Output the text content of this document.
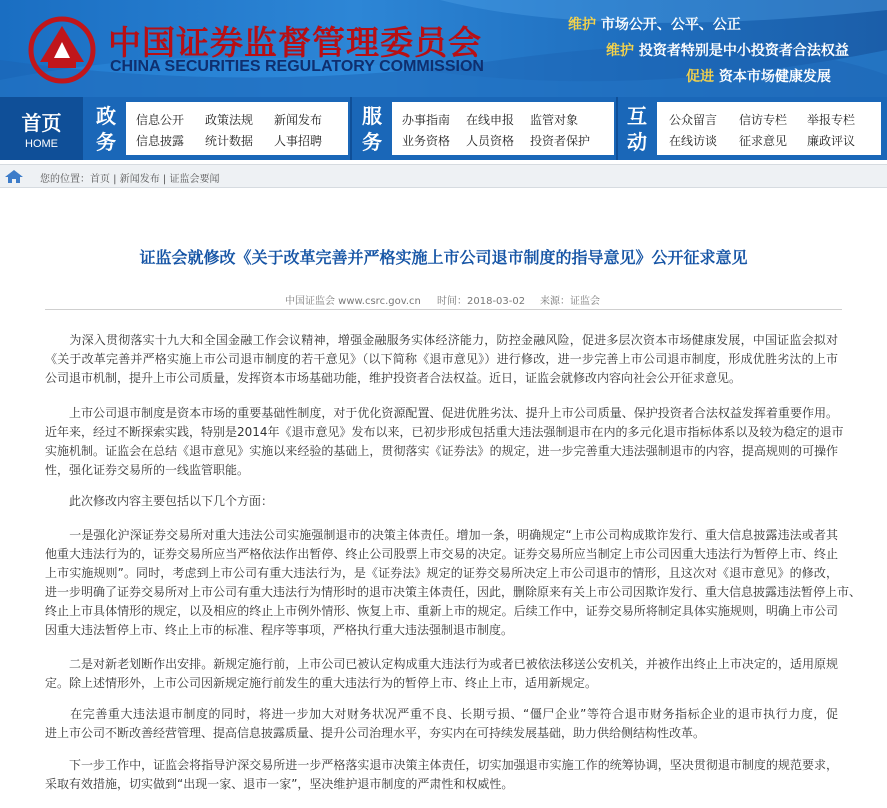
中国证券监督管理委员会
CHINA SECURITIES REGULATORY COMMISSION
维护 市场公开、公平、公正
维护 投资者特别是中小投资者合法权益
促进 资本市场健康发展
首页
HOME
政
务
信息公开 政策法规 新闻发布
信息披露 统计数据 人事招聘
服
务
办事指南 在线申报 监管对象
业务资格 人员资格 投资者保护
互
动
公众留言 信访专栏 举报专栏
在线访谈 征求意见 廉政评议
您的位置：首页 | 新闻发布 | 证监会要闻
证监会就修改《关于改革完善并严格实施上市公司退市制度的指导意见》公开征求意见
中国证监会 www.csrc.gov.cn 时间：2018-03-02 来源：证监会
　　为深入贯彻落实十九大和全国金融工作会议精神，增强金融服务实体经济能力，防控金融风险，促进多层次资本市场健康发展，中国证监会拟对
《关于改革完善并严格实施上市公司退市制度的若干意见》（以下简称《退市意见》）进行修改，进一步完善上市公司退市制度，形成优胜劣汰的上市
公司退市机制，提升上市公司质量，发挥资本市场基础功能，维护投资者合法权益。近日，证监会就修改内容向社会公开征求意见。
　　上市公司退市制度是资本市场的重要基础性制度，对于优化资源配置、促进优胜劣汰、提升上市公司质量、保护投资者合法权益发挥着重要作用。
近年来，经过不断探索实践，特别是2014年《退市意见》发布以来，已初步形成包括重大违法强制退市在内的多元化退市指标体系以及较为稳定的退市
实施机制。证监会在总结《退市意见》实施以来经验的基础上，贯彻落实《证券法》的规定，进一步完善重大违法强制退市的内容，提高规则的可操作
性，强化证券交易所的一线监管职能。
　　此次修改内容主要包括以下几个方面：
　　一是强化沪深证券交易所对重大违法公司实施强制退市的决策主体责任。增加一条，明确规定“上市公司构成欺诈发行、重大信息披露违法或者其
他重大违法行为的，证券交易所应当严格依法作出暂停、终止公司股票上市交易的决定。证券交易所应当制定上市公司因重大违法行为暂停上市、终止
上市实施规则”。同时，考虑到上市公司有重大违法行为，是《证券法》规定的证券交易所决定上市公司退市的情形，且这次对《退市意见》的修改，
进一步明确了证券交易所对上市公司有重大违法行为情形时的退市决策主体责任，因此，删除原来有关上市公司因欺诈发行、重大信息披露违法暂停上市、
终止上市具体情形的规定，以及相应的终止上市例外情形、恢复上市、重新上市的规定。后续工作中，证券交易所将制定具体实施规则，明确上市公司
因重大违法暂停上市、终止上市的标准、程序等事项，严格执行重大违法强制退市制度。
　　二是对新老划断作出安排。新规定施行前，上市公司已被认定构成重大违法行为或者已被依法移送公安机关，并被作出终止上市决定的，适用原规
定。除上述情形外，上市公司因新规定施行前发生的重大违法行为的暂停上市、终止上市，适用新规定。
　　在完善重大违法退市制度的同时，将进一步加大对财务状况严重不良、长期亏损、“僵尸企业”等符合退市财务指标企业的退市执行力度，促
进上市公司不断改善经营管理、提高信息披露质量、提升公司治理水平，夯实内在可持续发展基础，助力供给侧结构性改革。
　　下一步工作中，证监会将指导沪深交易所进一步严格落实退市决策主体责任，切实加强退市实施工作的统筹协调，坚决贯彻退市制度的规范要求，
采取有效措施，切实做到“出现一家、退市一家”，坚决维护退市制度的严肃性和权威性。
